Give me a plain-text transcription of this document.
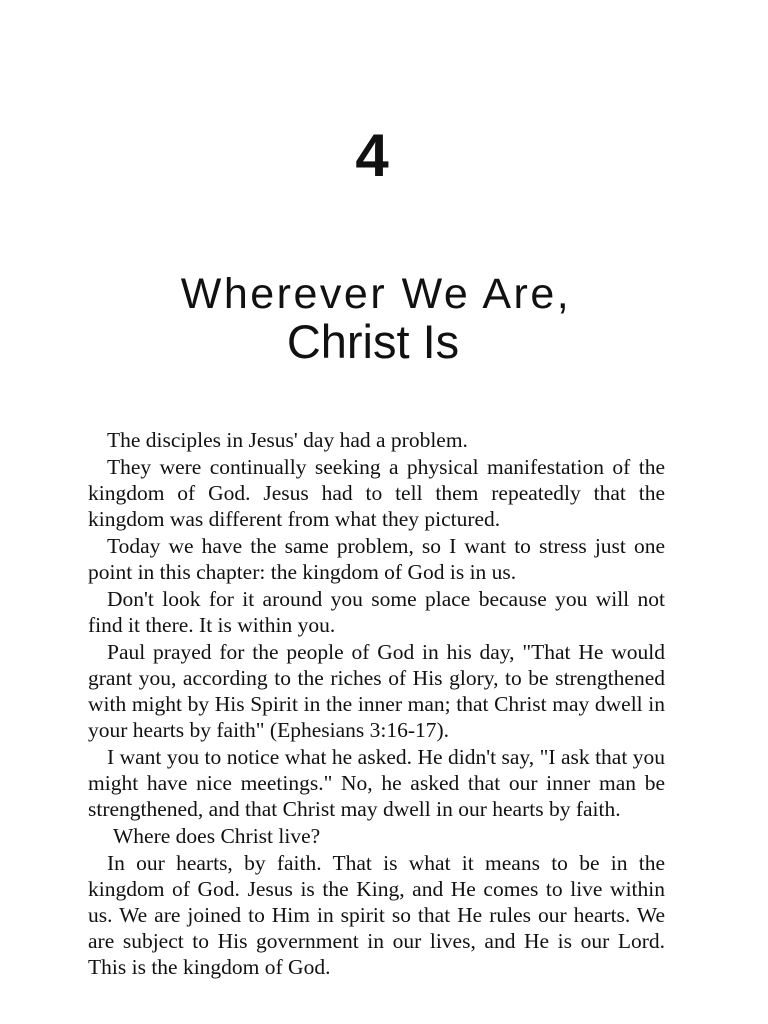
4
Wherever We Are,
Christ Is

The disciples in Jesus' day had a problem.

They were continually seeking a physical manifestation of the kingdom of God. Jesus had to tell them repeatedly that the kingdom was different from what they pictured.

Today we have the same problem, so I want to stress just one point in this chapter: the kingdom of God is in us.

Don't look for it around you some place because you will not find it there. It is within you.

Paul prayed for the people of God in his day, "That He would grant you, according to the riches of His glory, to be strengthened with might by His Spirit in the inner man; that Christ may dwell in your hearts by faith" (Ephesians 3:16-17).

I want you to notice what he asked. He didn't say, "I ask that you might have nice meetings." No, he asked that our inner man be strengthened, and that Christ may dwell in our hearts by faith.

Where does Christ live?

In our hearts, by faith. That is what it means to be in the kingdom of God. Jesus is the King, and He comes to live within us. We are joined to Him in spirit so that He rules our hearts. We are subject to His government in our lives, and He is our Lord. This is the kingdom of God.
